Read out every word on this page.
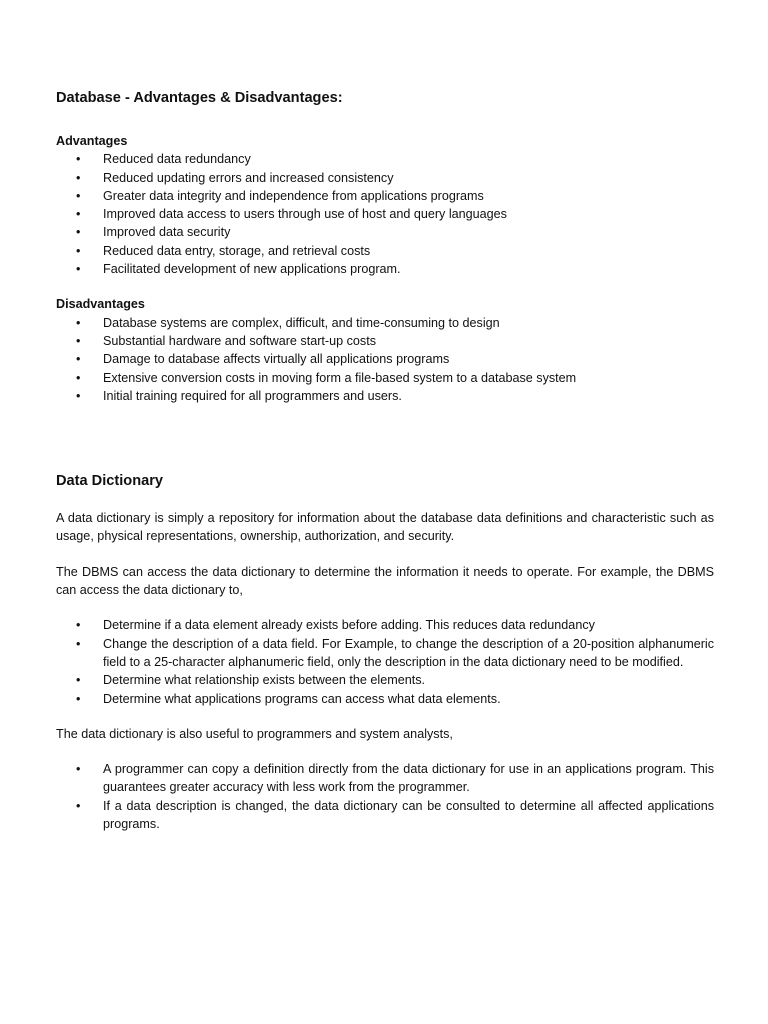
Database - Advantages & Disadvantages:
Advantages
• Reduced data redundancy
• Reduced updating errors and increased consistency
• Greater data integrity and independence from applications programs
• Improved data access to users through use of host and query languages
• Improved data security
• Reduced data entry, storage, and retrieval costs
• Facilitated development of new applications program.
Disadvantages
• Database systems are complex, difficult, and time-consuming to design
• Substantial hardware and software start-up costs
• Damage to database affects virtually all applications programs
• Extensive conversion costs in moving form a file-based system to a database system
• Initial training required for all programmers and users.
Data Dictionary

A data dictionary is simply a repository for information about the database data definitions and characteristic such as usage, physical representations, ownership, authorization, and security.

The DBMS can access the data dictionary to determine the information it needs to operate. For example, the DBMS can access the data dictionary to,

• Determine if a data element already exists before adding. This reduces data redundancy
• Change the description of a data field. For Example, to change the description of a 20-position alphanumeric field to a 25-character alphanumeric field, only the description in the data dictionary need to be modified.
• Determine what relationship exists between the elements.
• Determine what applications programs can access what data elements.

The data dictionary is also useful to programmers and system analysts,

• A programmer can copy a definition directly from the data dictionary for use in an applications program. This guarantees greater accuracy with less work from the programmer.
• If a data description is changed, the data dictionary can be consulted to determine all affected applications programs.
